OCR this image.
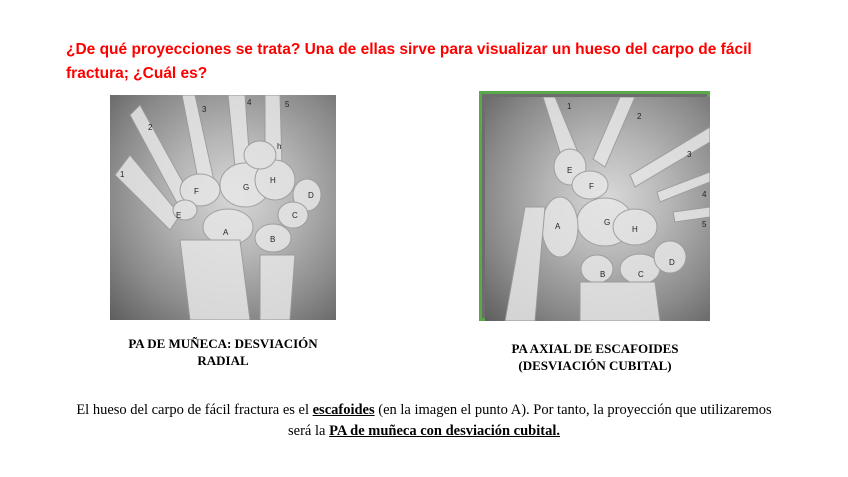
¿De qué proyecciones se trata? Una de ellas sirve para visualizar un hueso del carpo de fácil
fractura; ¿Cuál es?
1
2
3
4	5
h
G
H
F
E
D
C
A
B
PA DE MUÑECA: DESVIACIÓN
RADIAL
1
2
3
4
5
E
F
G
H
A
B	C
D
PA AXIAL DE ESCAFOIDES
(DESVIACIÓN CUBITAL)
El hueso del carpo de fácil fractura es el escafoides (en la imagen el punto A). Por tanto, la proyección que utilizaremos
será la PA de muñeca con desviación cubital.
